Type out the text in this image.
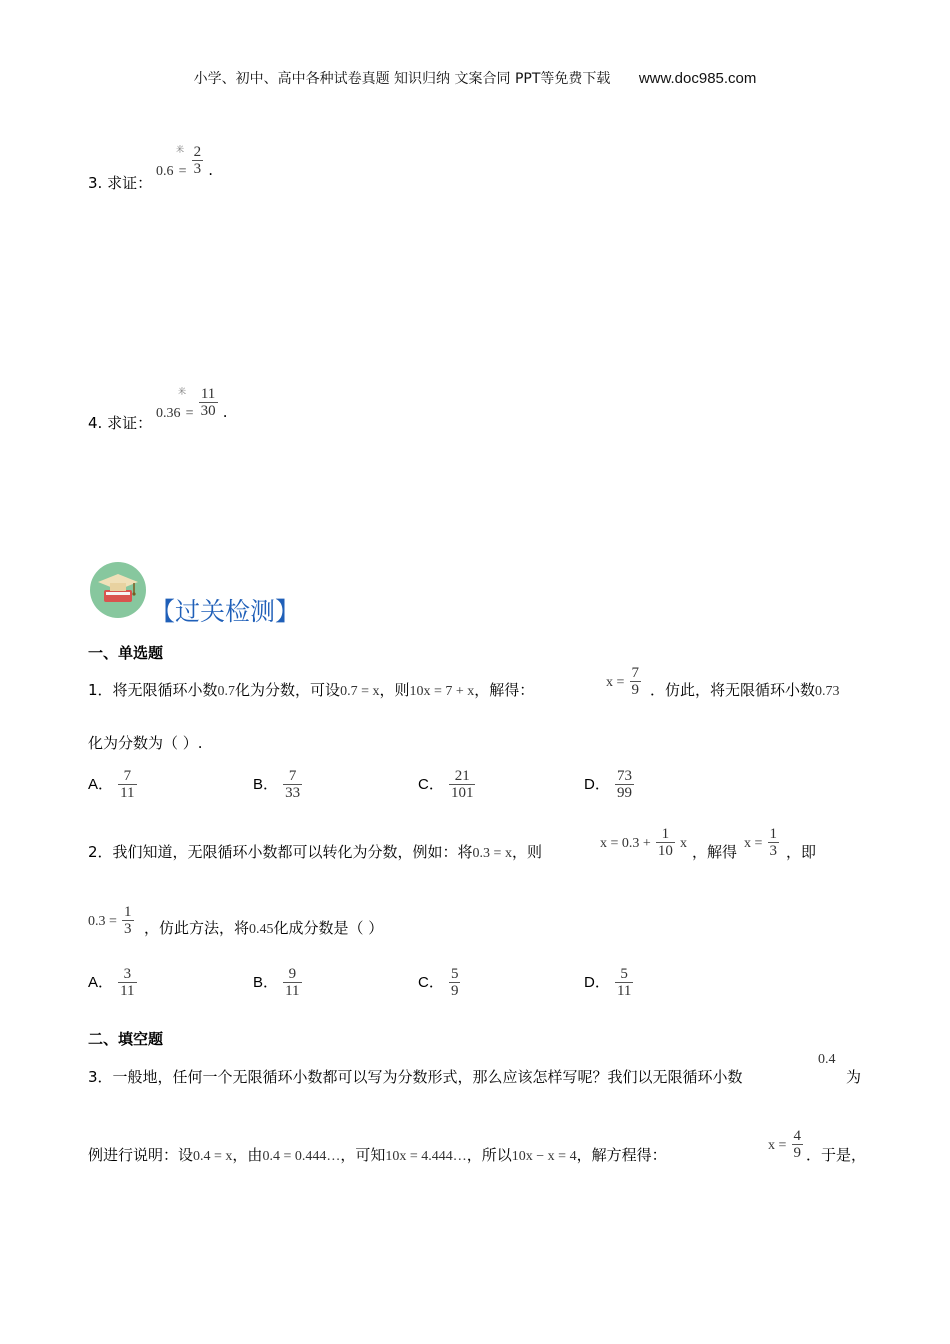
小学、初中、高中各种试卷真题 知识归纳 文案合同 PPT等免费下载 www.doc985.com
3. 求证：
米
$0.6 = \frac{2}{3}$ .
4. 求证：
米
$0.36 = \frac{11}{30}$ .
【过关检测】
一、单选题
1．将无限循环小数0.7化为分数，可设0.7 = x，则10x = 7 + x，解得：	$x = \frac{7}{9}$ ．仿此，将无限循环小数0.73
化为分数为（ ）.
A． $\frac{7}{11}$	B． $\frac{7}{33}$	C． $\frac{21}{101}$	D． $\frac{73}{99}$
2．我们知道，无限循环小数都可以转化为分数，例如：将0.3 = x，则	$x = 0.3 + \frac{1}{10}$ x ，解得 $x = \frac{1}{3}$ ，即
$0.3 = \frac{1}{3}$ ，仿此方法，将0.45化成分数是（ ）
A． $\frac{3}{11}$	B． $\frac{9}{11}$	C． $\frac{5}{9}$	D． $\frac{5}{11}$
二、填空题
3．一般地，任何一个无限循环小数都可以写为分数形式，那么应该怎样写呢？我们以无限循环小数
0.4
为
例进行说明：设0.4 = x，由0.4 = 0.444…，可知10x = 4.444…，所以10x − x = 4，解方程得：
$x = \frac{4}{9}$ ．于是，
